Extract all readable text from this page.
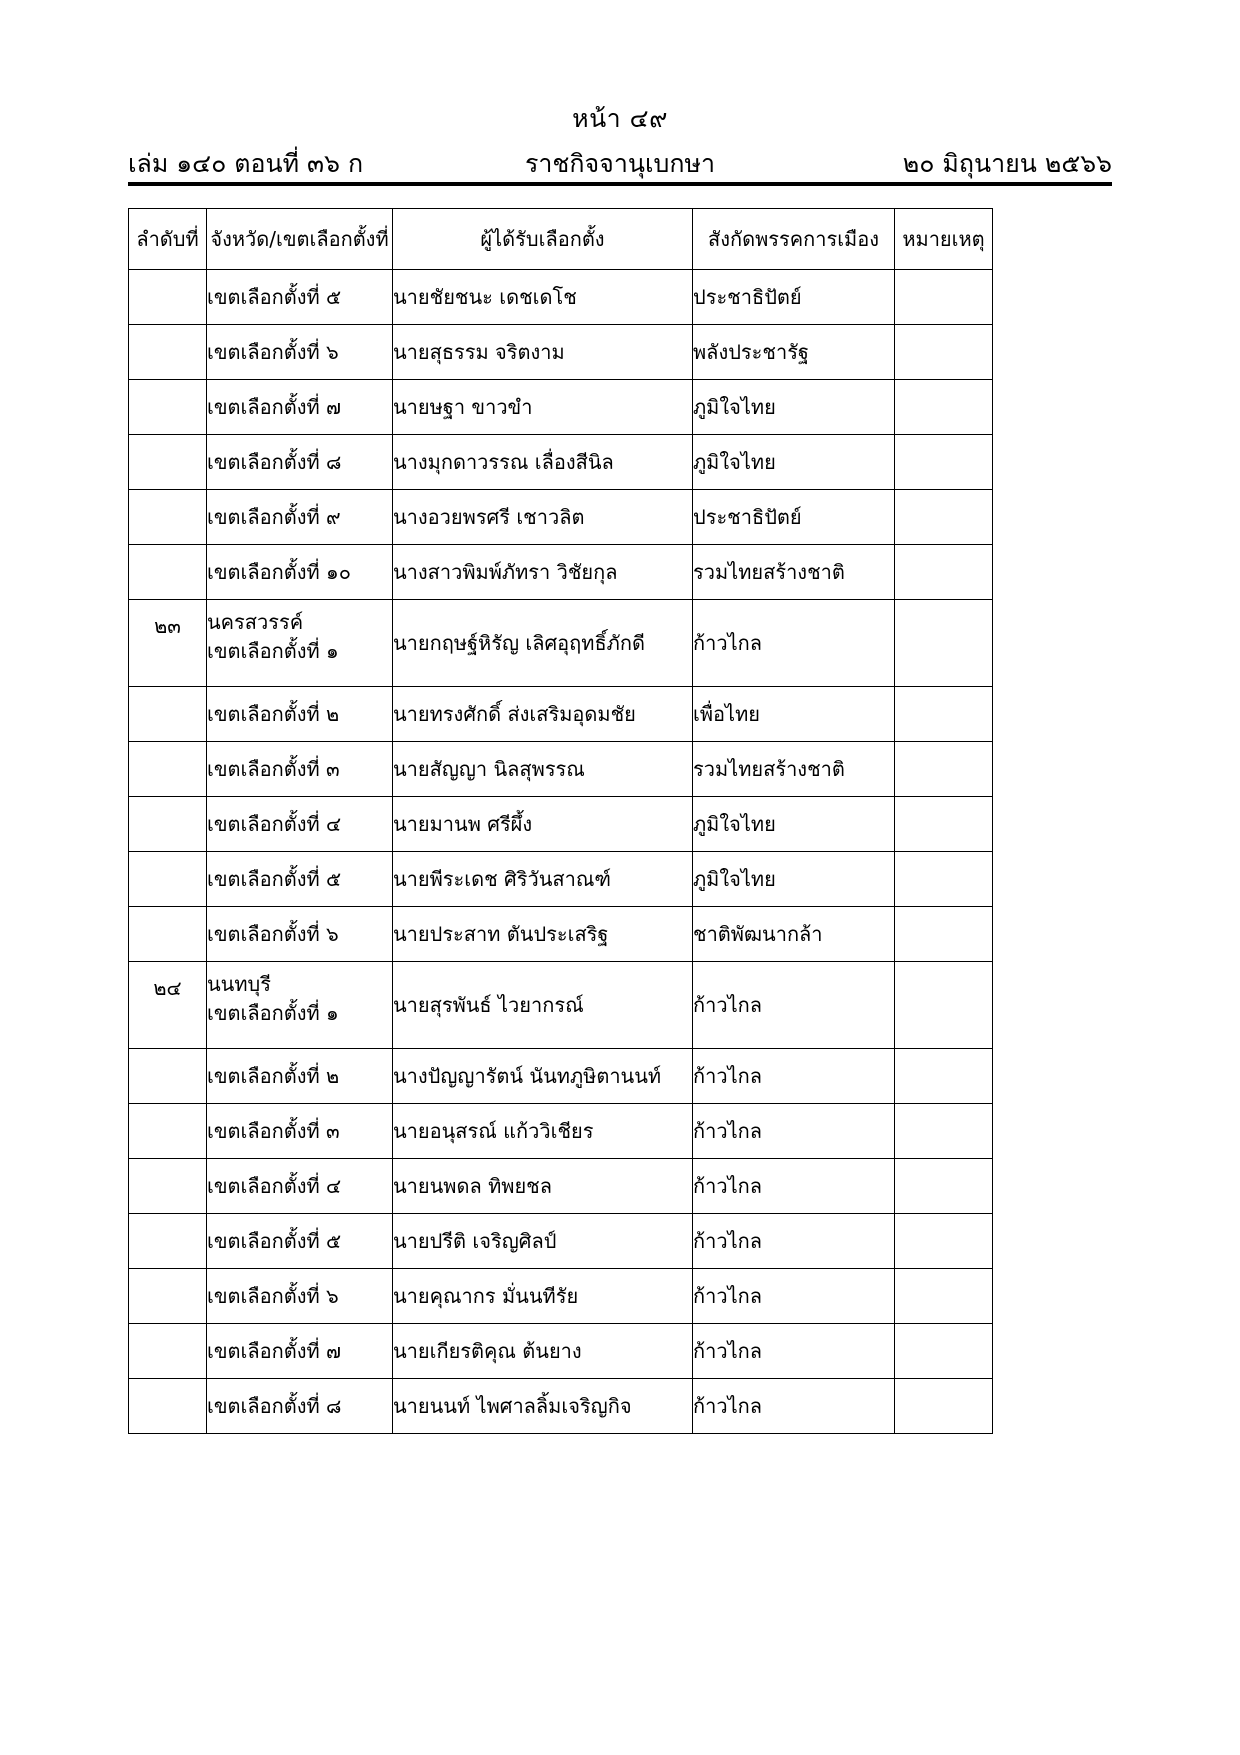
หน้า ๔๙
เล่ม ๑๔๐ ตอนที่ ๓๖ ก	ราชกิจจานุเบกษา	๒๐ มิถุนายน ๒๕๖๖
ลำดับที่	จังหวัด/เขตเลือกตั้งที่	ผู้ได้รับเลือกตั้ง	สังกัดพรรคการเมือง	หมายเหตุ

	เขตเลือกตั้งที่ ๕	นายชัยชนะ เดชเดโช	ประชาธิปัตย์	

	เขตเลือกตั้งที่ ๖	นายสุธรรม จริตงาม	พลังประชารัฐ	

	เขตเลือกตั้งที่ ๗	นายษฐา ขาวขำ	ภูมิใจไทย	

	เขตเลือกตั้งที่ ๘	นางมุกดาวรรณ เลื่องสีนิล	ภูมิใจไทย	

	เขตเลือกตั้งที่ ๙	นางอวยพรศรี เชาวลิต	ประชาธิปัตย์	

	เขตเลือกตั้งที่ ๑๐	นางสาวพิมพ์ภัทรา วิชัยกุล	รวมไทยสร้างชาติ	

๒๓	นครสวรรค์
เขตเลือกตั้งที่ ๑	นายกฤษฐ์หิรัญ เลิศอุฤทธิ์ภักดี	ก้าวไกล	

	เขตเลือกตั้งที่ ๒	นายทรงศักดิ์ ส่งเสริมอุดมชัย	เพื่อไทย	

	เขตเลือกตั้งที่ ๓	นายสัญญา นิลสุพรรณ	รวมไทยสร้างชาติ	

	เขตเลือกตั้งที่ ๔	นายมานพ ศรีผึ้ง	ภูมิใจไทย	

	เขตเลือกตั้งที่ ๕	นายพีระเดช ศิริวันสาณฑ์	ภูมิใจไทย	

	เขตเลือกตั้งที่ ๖	นายประสาท ตันประเสริฐ	ชาติพัฒนากล้า	

๒๔	นนทบุรี
เขตเลือกตั้งที่ ๑	นายสุรพันธ์ ไวยากรณ์	ก้าวไกล	

	เขตเลือกตั้งที่ ๒	นางปัญญารัตน์ นันทภูษิตานนท์	ก้าวไกล	

	เขตเลือกตั้งที่ ๓	นายอนุสรณ์ แก้ววิเชียร	ก้าวไกล	

	เขตเลือกตั้งที่ ๔	นายนพดล ทิพยชล	ก้าวไกล	

	เขตเลือกตั้งที่ ๕	นายปรีติ เจริญศิลป์	ก้าวไกล	

	เขตเลือกตั้งที่ ๖	นายคุณากร มั่นนทีรัย	ก้าวไกล	

	เขตเลือกตั้งที่ ๗	นายเกียรติคุณ ต้นยาง	ก้าวไกล	

	เขตเลือกตั้งที่ ๘	นายนนท์ ไพศาลลิ้มเจริญกิจ	ก้าวไกล	
